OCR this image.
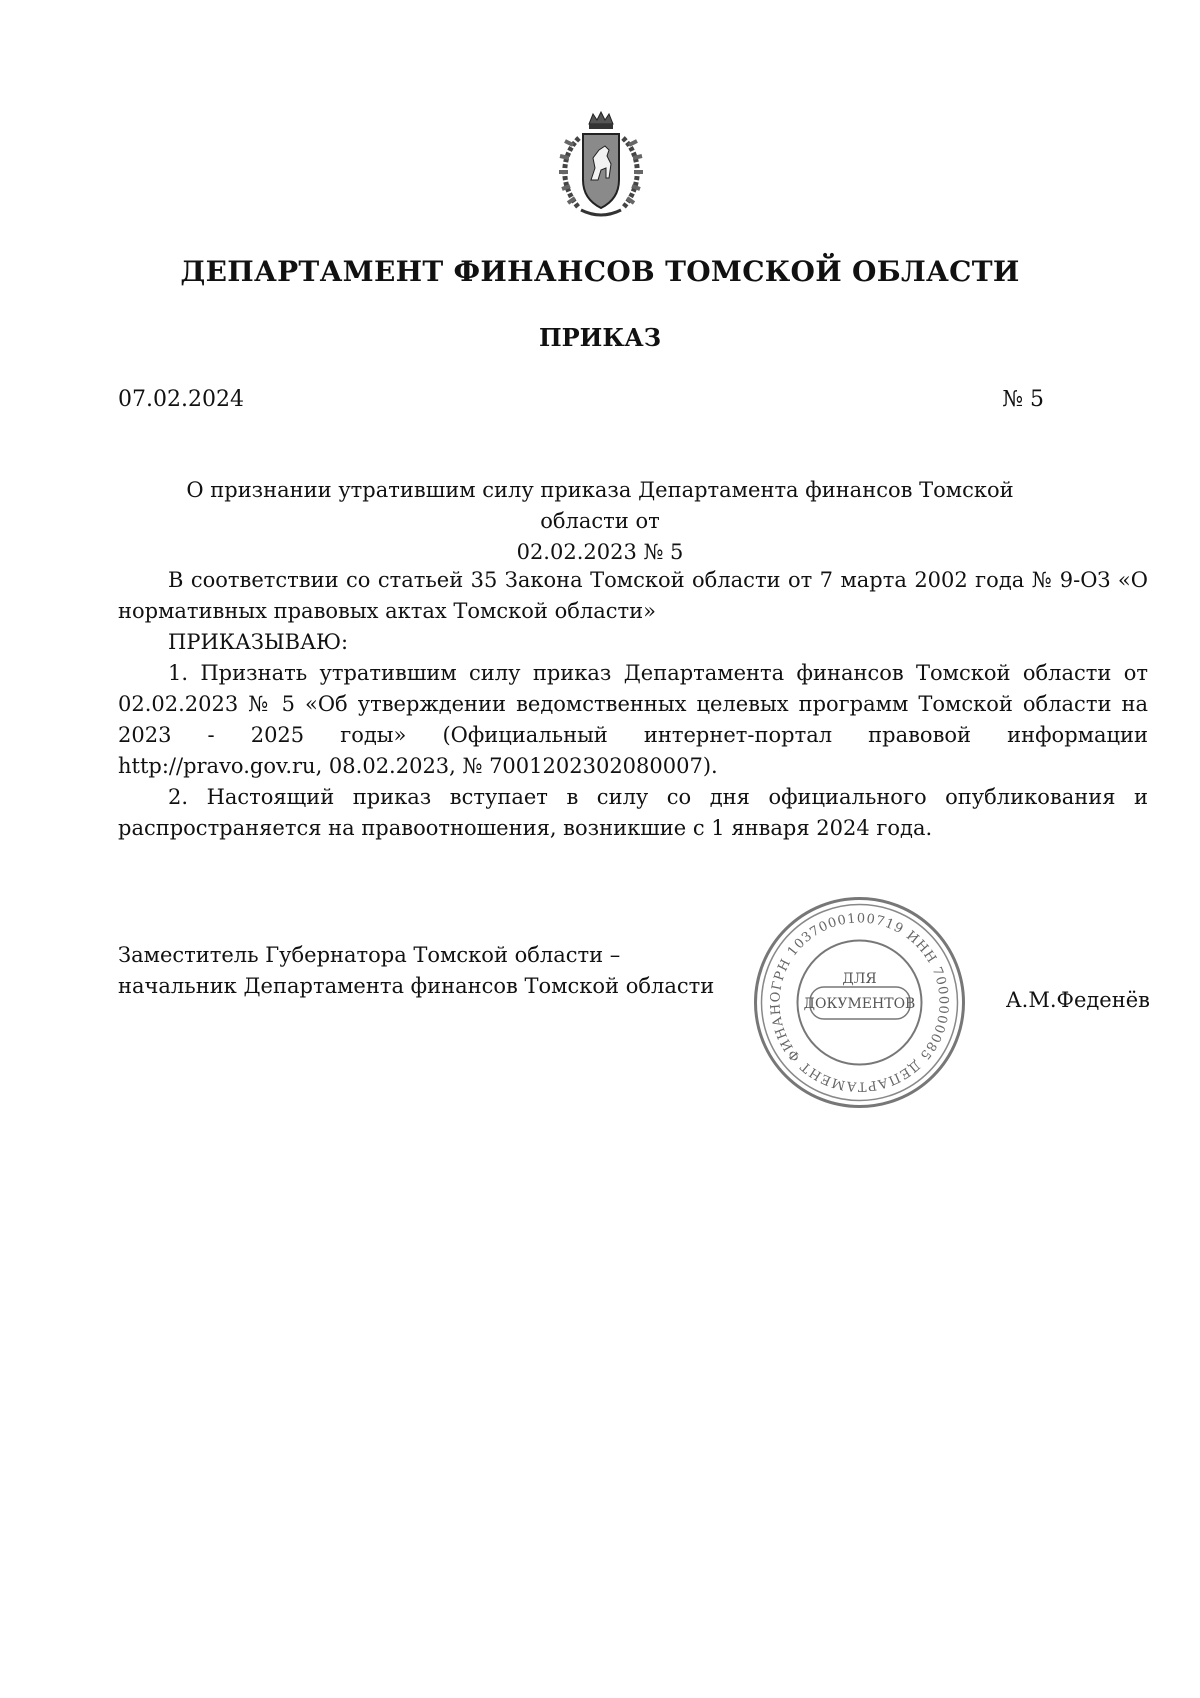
ДЕПАРТАМЕНТ ФИНАНСОВ ТОМСКОЙ ОБЛАСТИ
ПРИКАЗ
07.02.2024	№ 5
О признании утратившим силу приказа Департамента финансов Томской области от
02.02.2023 № 5

В соответствии со статьей 35 Закона Томской области от 7 марта 2002 года № 9-ОЗ «О нормативных правовых актах Томской области»

ПРИКАЗЫВАЮ:

1. Признать утратившим силу приказ Департамента финансов Томской области от 02.02.2023 № 5 «Об утверждении ведомственных целевых программ Томской области на 2023 - 2025 годы» (Официальный интернет-портал правовой информации http://pravo.gov.ru, 08.02.2023, № 7001202302080007).

2. Настоящий приказ вступает в силу со дня официального опубликования и распространяется на правоотношения, возникшие с 1 января 2024 года.

Заместитель Губернатора Томской области –
начальник Департамента финансов Томской области	ОГРН 1037000100719 ИНН 7000000085 ДЕПАРТАМЕНТ ФИНАН
ДЛЯ
ДОКУМЕНТОВ	А.М.Феденёв
